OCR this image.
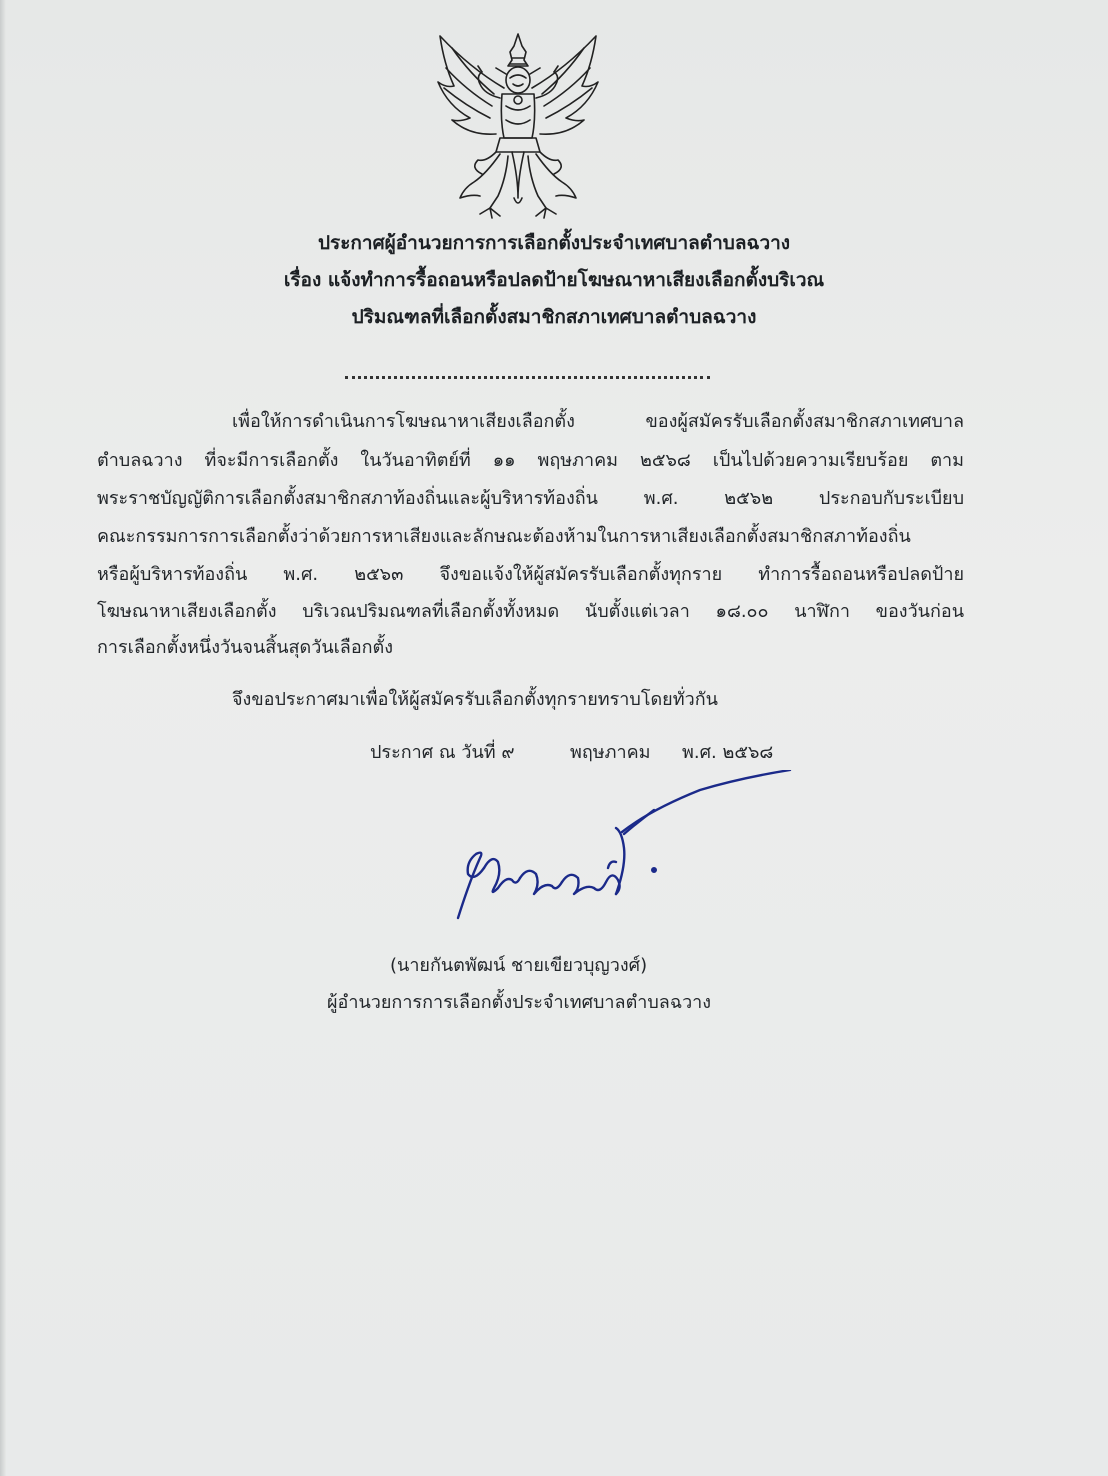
ประกาศผู้อำนวยการการเลือกตั้งประจำเทศบาลตำบลฉวาง
เรื่อง แจ้งทำการรื้อถอนหรือปลดป้ายโฆษณาหาเสียงเลือกตั้งบริเวณ
ปริมณฑลที่เลือกตั้งสมาชิกสภาเทศบาลตำบลฉวาง
เพื่อให้การดำเนินการโฆษณาหาเสียงเลือกตั้ง ของผู้สมัครรับเลือกตั้งสมาชิกสภาเทศบาล
ตำบลฉวาง ที่จะมีการเลือกตั้ง ในวันอาทิตย์ที่ ๑๑ พฤษภาคม ๒๕๖๘ เป็นไปด้วยความเรียบร้อย ตาม
พระราชบัญญัติการเลือกตั้งสมาชิกสภาท้องถิ่นและผู้บริหารท้องถิ่น พ.ศ. ๒๕๖๒ ประกอบกับระเบียบ
คณะกรรมการการเลือกตั้งว่าด้วยการหาเสียงและลักษณะต้องห้ามในการหาเสียงเลือกตั้งสมาชิกสภาท้องถิ่น
หรือผู้บริหารท้องถิ่น พ.ศ. ๒๕๖๓ จึงขอแจ้งให้ผู้สมัครรับเลือกตั้งทุกราย ทำการรื้อถอนหรือปลดป้าย
โฆษณาหาเสียงเลือกตั้ง บริเวณปริมณฑลที่เลือกตั้งทั้งหมด นับตั้งแต่เวลา ๑๘.๐๐ นาฬิกา ของวันก่อน
การเลือกตั้งหนึ่งวันจนสิ้นสุดวันเลือกตั้ง
จึงขอประกาศมาเพื่อให้ผู้สมัครรับเลือกตั้งทุกรายทราบโดยทั่วกัน
ประกาศ ณ วันที่ ๙	พฤษภาคม พ.ศ. ๒๕๖๘
(นายกันตพัฒน์ ชายเขียวบุญวงศ์)
ผู้อำนวยการการเลือกตั้งประจำเทศบาลตำบลฉวาง
